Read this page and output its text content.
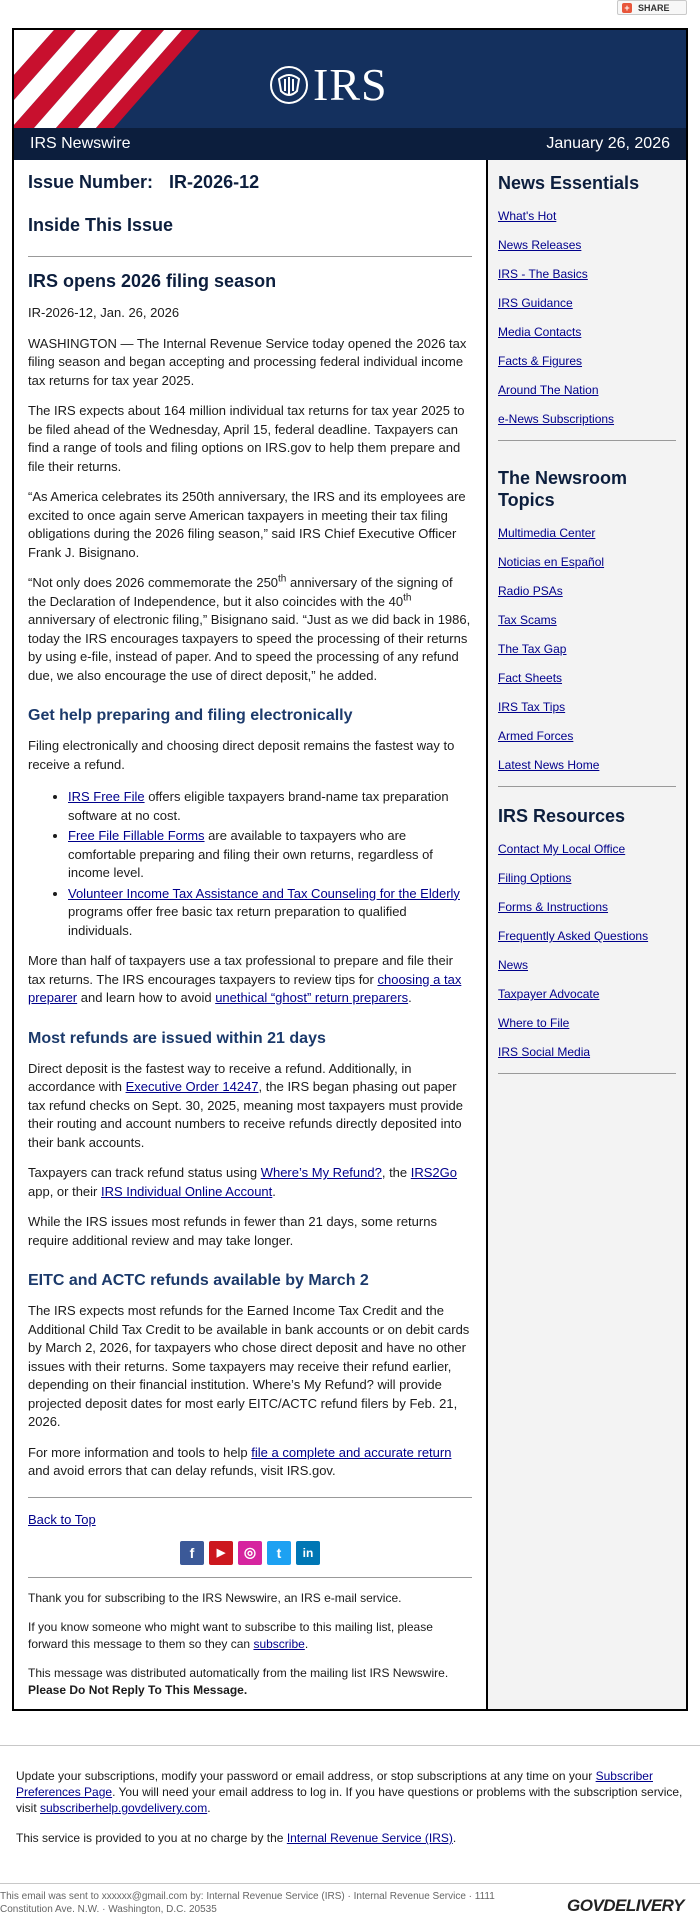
+ SHARE
IRS
IRS Newswire	January 26, 2026
Issue Number: IR-2026-12
Inside This Issue
IRS opens 2026 filing season

IR-2026-12, Jan. 26, 2026

WASHINGTON — The Internal Revenue Service today opened the 2026 tax filing season and began accepting and processing federal individual income tax returns for tax year 2025.

The IRS expects about 164 million individual tax returns for tax year 2025 to be filed ahead of the Wednesday, April 15, federal deadline. Taxpayers can find a range of tools and filing options on IRS.gov to help them prepare and file their returns.

“As America celebrates its 250th anniversary, the IRS and its employees are excited to once again serve American taxpayers in meeting their tax filing obligations during the 2026 filing season,” said IRS Chief Executive Officer Frank J. Bisignano.

“Not only does 2026 commemorate the 250th anniversary of the signing of the Declaration of Independence, but it also coincides with the 40th anniversary of electronic filing,” Bisignano said. “Just as we did back in 1986, today the IRS encourages taxpayers to speed the processing of their returns by using e-file, instead of paper. And to speed the processing of any refund due, we also encourage the use of direct deposit,” he added.

Get help preparing and filing electronically

Filing electronically and choosing direct deposit remains the fastest way to receive a refund.

• IRS Free File offers eligible taxpayers brand-name tax preparation software at no cost.
• Free File Fillable Forms are available to taxpayers who are comfortable preparing and filing their own returns, regardless of income level.
• Volunteer Income Tax Assistance and Tax Counseling for the Elderly programs offer free basic tax return preparation to qualified individuals.

More than half of taxpayers use a tax professional to prepare and file their tax returns. The IRS encourages taxpayers to review tips for choosing a tax preparer and learn how to avoid unethical “ghost” return preparers.

Most refunds are issued within 21 days

Direct deposit is the fastest way to receive a refund. Additionally, in accordance with Executive Order 14247, the IRS began phasing out paper tax refund checks on Sept. 30, 2025, meaning most taxpayers must provide their routing and account numbers to receive refunds directly deposited into their bank accounts.

Taxpayers can track refund status using Where’s My Refund?, the IRS2Go app, or their IRS Individual Online Account.

While the IRS issues most refunds in fewer than 21 days, some returns require additional review and may take longer.

EITC and ACTC refunds available by March 2

The IRS expects most refunds for the Earned Income Tax Credit and the Additional Child Tax Credit to be available in bank accounts or on debit cards by March 2, 2026, for taxpayers who chose direct deposit and have no other issues with their returns. Some taxpayers may receive their refund earlier, depending on their financial institution. Where’s My Refund? will provide projected deposit dates for most early EITC/ACTC refund filers by Feb. 21, 2026.

For more information and tools to help file a complete and accurate return and avoid errors that can delay refunds, visit IRS.gov.

Back to Top
f	▶	◎	t	in

Thank you for subscribing to the IRS Newswire, an IRS e-mail service.

If you know someone who might want to subscribe to this mailing list, please forward this message to them so they can subscribe.

This message was distributed automatically from the mailing list IRS Newswire.
Please Do Not Reply To This Message.

News Essentials
What's Hot
News Releases
IRS - The Basics
IRS Guidance
Media Contacts
Facts & Figures
Around The Nation
e-News Subscriptions
The Newsroom Topics
Multimedia Center
Noticias en Español
Radio PSAs
Tax Scams
The Tax Gap
Fact Sheets
IRS Tax Tips
Armed Forces
Latest News Home
IRS Resources
Contact My Local Office
Filing Options
Forms & Instructions
Frequently Asked Questions
News
Taxpayer Advocate
Where to File
IRS Social Media

Update your subscriptions, modify your password or email address, or stop subscriptions at any time on your Subscriber Preferences Page. You will need your email address to log in. If you have questions or problems with the subscription service, visit subscriberhelp.govdelivery.com.

This service is provided to you at no charge by the Internal Revenue Service (IRS).

This email was sent to xxxxxx@gmail.com by: Internal Revenue Service (IRS) · Internal Revenue Service · 1111 Constitution Ave. N.W. · Washington, D.C. 20535	GOVDELIVERY
